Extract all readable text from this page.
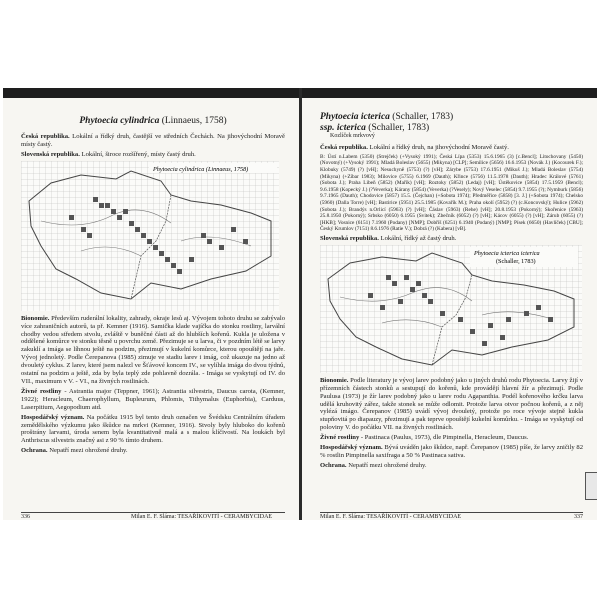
Phytoecia cylindrica (Linnaeus, 1758)

Česká republika. Lokální a řídký druh, častější ve středních Čechách. Na jihovýchodní Moravě místy častý.

Slovenská republika. Lokální, široce rozšířený, místy častý druh.

Phytoecia cylindrica (Linnaeus, 1758)

Bionomie. Především ruderální lokality, zahrady, okraje lesů aj. Vývojem tohoto druhu se zabývalo více zahraničních autorů, ta př. Kemner (1916). Samička klade vajíčka do stonku rostliny, larvální chodby vedou středem stvolu, zvláště v buněčné části až do hlubších kořenů. Kukla je uložena v oddělené komůrce ve stonku těsně u povrchu země. Přezimuje se u larva, či v pozdním létě se larvy zakuklí a imága se líhnou ještě na podzim, přezimují v kukelní komůrce, kterou opouštějí na jaře. Vývoj jednoletý. Podle Čerepanova (1985) zimuje ve stadiu larev i imág, což ukazuje na jedno až dvouletý cyklus. Z larev, které jsem nalezl ve Šťávové koncem IV., se vylíhla imága do dvou týdnů, ostatní na podzim a ještě, zda by byla teplý zde pohlavně dozrála. - Imága se vyskytují od IV. do VII., maximum v V. - VI., na živných rostlinách.

Živné rostliny - Astrantia major (Teppner, 1961); Astrantia silvestris, Daucus carota, (Kemner, 1922); Heracleum, Chaerophyllum, Bupleurum, Phlomis, Tithymalus (Euphorbia), Carduus, Laserpitium, Aegopodium atd.

Hospodářský význam. Na počátku 1915 byl tento druh označen ve Švédsku Centrálním úřadem zemědělského výzkumu jako škůdce na mrkvi (Kemner, 1916). Stvoly byly hluboko do kořenů proštrány larvami, úroda senem byla kvantitativně malá a s malou klíčivostí. Na loukách byl Anthriscus silvestris značný asi z 90 % tímto druhem.

Ochrana. Nepatří mezi ohrožené druhy.

336	Milan E. F. Sláma: TESAŘÍKOVITÍ - CERAMBYCIDAE
Phytoecia icterica (Schaller, 1783)
ssp. icterica (Schaller, 1783)
Kozlíček mrkvový

Česká republika. Lokální a řídký druh, na jihovýchodní Moravě častý.

B: Ústí n.Labem (5350) (Strejček) (+Vysoký 1991); Česká Lípa (5353) 15.6.1965 (3) [c.Bencl]; Litochovany (5450) (Novotný) (+Vysoký 1991); Mladá Boleslav (5655) (Mikyna) [CLP]; Semilice (5656) 16.6.1953 (Novák J.) (Kocourek F.); Klobuky (5749) (?) [vH]; Nesuchyně (5753) (?) [vH]; Zárybe (5753) 17.6.1951 (Mikuš J.); Mladá Boleslav (5754) (Mikyna) (+Zíbar 1983); Milovice (5755) 6.1969 (Dauth); Křince (5756) 11.5.1978 (Dauth); Hradec Králové (5761) (Sobota J.); Praha Libeň (5852) (Mařík) [vH]; Roztoky (5852) (Ledaj) [vH]; Ústěkovice (5854) 17.5.1959 (Bencl); 9.6.1958 (Kopecký J.) (?Veverka); Kárany (5854) (Veverka) (?Vesely); Nový Veselec (5854) 9.7.1955 (?); Nymburk (5856) 9.7.1965 (Dauth); Chodovice (5857) 15.5. (Čejchan) (+Sobota 1974); Předměřice (5858) [3. J.] (+Sobota 1974); Chelsko (5960) (Dalla Torre) [vH]; Bastirice (5951) 25.5.1985 (Kovařík M.); Praha okolí (5952) (?) (c.Koncovský); Hulice (5962) (Sobota J.); Brandýs n.Orlicí (5963) (?) [vH]; Čáslav (5963) (Rehe) [vH]; 20.8.1953 (Pokorný); Skořenice (5963) 25.8.1950 (Pokorný); Srbsko (6050) 6.1955 (Svitek); Zbečník (6052) (?) [vH]; Kácov (6055) (?) [vH]; Zárub (6055) (?) [HKB]; Vosnice (6151) 7.1960 (Podany) [NMP]; Dobříš (6251) 6.1940 (Podaný) [NMP]; Písek (6650) (Havlíček) [CBU]; Český Krumlov (7151) 8.6.1976 (Ratie V.); Dobrá (?) (Kabera) [vB].

Slovenská republika. Lokální, řídký až častý druh.

Phytoecia icterica icterica
(Schaller, 1783)

Bionomie. Podle literatury je vývoj larev podobný jako u jiných druhů rodu Phytoecia. Larvy žijí v přízemních částech stonků a sestupují do kořenů, kde provádějí hlavní žír a přezimují. Podle Paulusa (1973) je žír larev podobný jako u larev rodu Agapanthia. Podél kořenového krčku larva udělá kruhovitý zářez, takže stonek se může odlomit. Protože larva otvor počnou kořenů, a z něj vylézá imágo. Čerepanov (1985) uvádí vývoj dvouletý, protože po roce vývoje stejně kukla stupňovitá po diapauzy, přezimují a pak teprve opouštějí kukelní komůrku. - Imága se vyskytují od poloviny V. do počátku VII. na živných rostlinách.

Živné rostliny - Pastinaca (Paulus, 1973), dle Pimpinella, Heracleum, Daucus.

Hospodářský význam. Bývá uváděn jako škůdce, např. Čerepanov (1985) píše, že larvy zničily 82 % rostlin Pimpinella saxifraga a 50 % Pastinaca sativa.

Ochrana. Nepatří mezi ohrožené druhy.

Milan E. F. Sláma: TESAŘÍKOVITÍ - CERAMBYCIDAE	337
